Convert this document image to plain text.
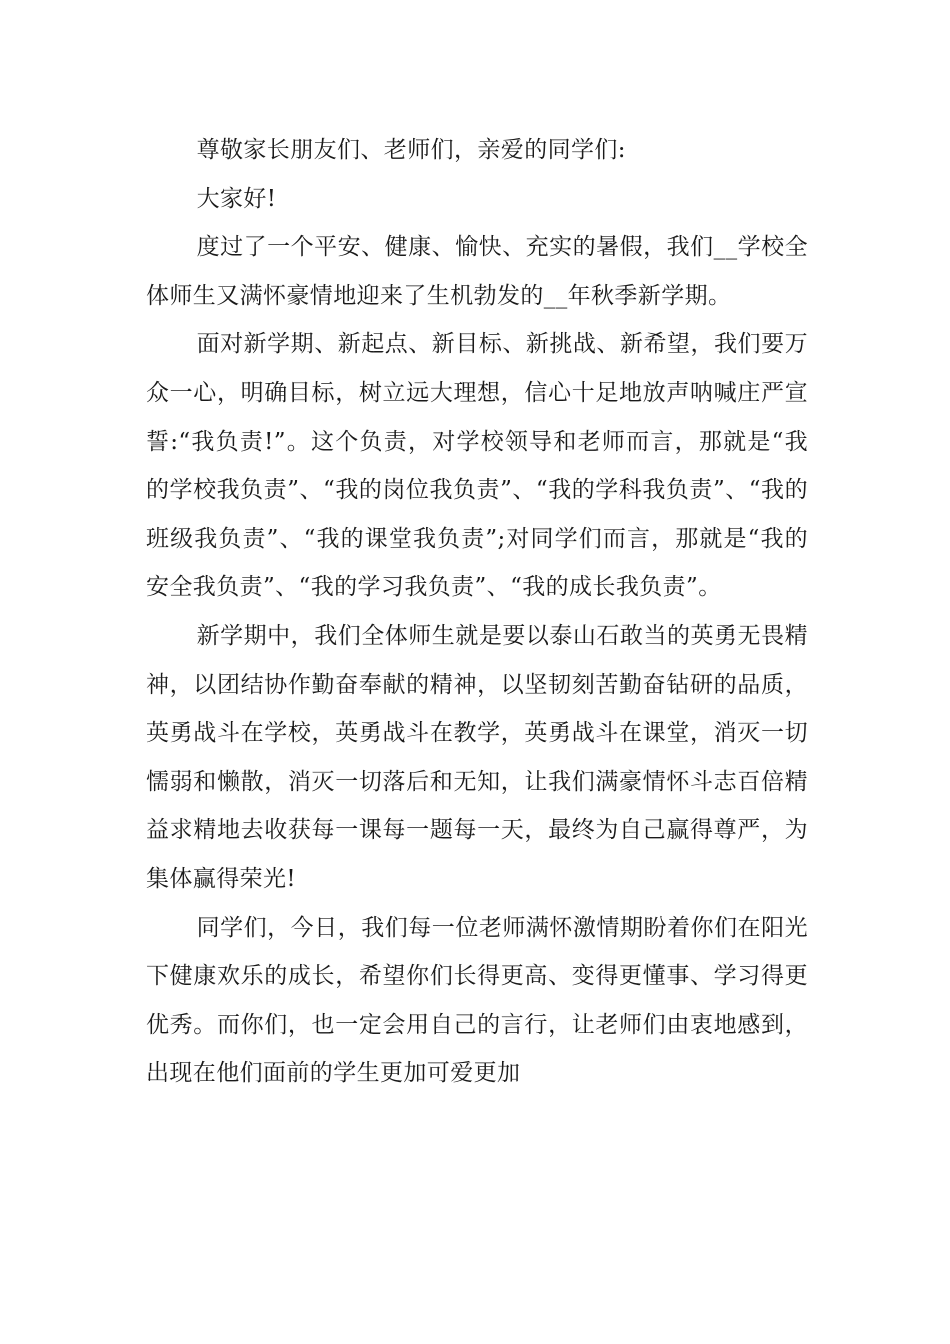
尊敬家长朋友们、老师们，亲爱的同学们:

大家好!

度过了一个平安、健康、愉快、充实的暑假，我们__学校全体师生又满怀豪情地迎来了生机勃发的__年秋季新学期。

面对新学期、新起点、新目标、新挑战、新希望，我们要万众一心，明确目标，树立远大理想，信心十足地放声呐喊庄严宣誓:“我负责!”。这个负责，对学校领导和老师而言，那就是“我的学校我负责”、“我的岗位我负责”、“我的学科我负责”、“我的班级我负责”、“我的课堂我负责”;对同学们而言，那就是“我的安全我负责”、“我的学习我负责”、“我的成长我负责”。

新学期中，我们全体师生就是要以泰山石敢当的英勇无畏精神，以团结协作勤奋奉献的精神，以坚韧刻苦勤奋钻研的品质，英勇战斗在学校，英勇战斗在教学，英勇战斗在课堂，消灭一切懦弱和懒散，消灭一切落后和无知，让我们满豪情怀斗志百倍精益求精地去收获每一课每一题每一天，最终为自己赢得尊严，为集体赢得荣光!

同学们，今日，我们每一位老师满怀激情期盼着你们在阳光下健康欢乐的成长，希望你们长得更高、变得更懂事、学习得更优秀。而你们，也一定会用自己的言行，让老师们由衷地感到，出现在他们面前的学生更加可爱更加
